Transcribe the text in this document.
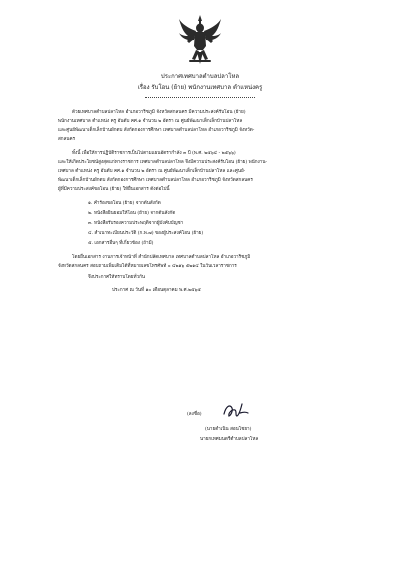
ประกาศเทศบาลตำบลปลาโหล
เรื่อง รับโอน (ย้าย) พนักงานเทศบาล ตำแหน่งครู
ด้วยเทศบาลตำบลปลาโหล อำเภอวาริชภูมิ จังหวัดสกลนคร มีความประสงค์รับโอน (ย้าย)
พนักงานเทศบาล ตำแหน่ง ครู อันดับ คศ.๑ จำนวน ๒ อัตรา ณ ศูนย์พัฒนาเด็กเล็กบ้านปลาโหล
และศูนย์พัฒนาเด็กเล็กบ้านผักตบ สังกัดกองการศึกษา เทศบาลตำบลปลาโหล อำเภอวาริชภูมิ จังหวัด-
สกลนคร
ทั้งนี้ เพื่อให้การปฏิบัติราชการเป็นไปตามแผนอัตรากำลัง ๓ ปี (พ.ศ. ๒๕๖๔ - ๒๕๖๖)
และให้เกิดประโยชน์สูงสุดแก่ทางราชการ เทศบาลตำบลปลาโหล จึงมีความประสงค์รับโอน (ย้าย) พนักงาน-
เทศบาล ตำแหน่ง ครู อันดับ คศ.๑ จำนวน ๒ อัตรา ณ ศูนย์พัฒนาเด็กเล็กบ้านปลาโหล และศูนย์-
พัฒนาเด็กเล็กบ้านผักตบ สังกัดกองการศึกษา เทศบาลตำบลปลาโหล อำเภอวาริชภูมิ จังหวัดสกลนคร
ผู้ที่มีความประสงค์ขอโอน (ย้าย) ให้ยื่นเอกสาร ดังต่อไปนี้
๑. คำร้องขอโอน (ย้าย) จากต้นสังกัด
๒. หนังสือยินยอมให้โอน (ย้าย) จากต้นสังกัด
๓. หนังสือรับรองความประพฤติจากผู้บังคับบัญชา
๔. สำเนาทะเบียนประวัติ (ก.พ.๗) ของผู้ประสงค์โอน (ย้าย)
๕. เอกสารอื่นๆ ที่เกี่ยวข้อง (ถ้ามี)
โดยยื่นเอกสาร งานการเจ้าหน้าที่ สำนักปลัดเทศบาล เทศบาลตำบลปลาโหล อำเภอวาริชภูมิ
จังหวัดสกลนคร สอบถามเพิ่มเติมได้ที่หมายเลขโทรศัพท์ ๐ ๔๒๑๖ ๕๒๑๔ ในวันเวลาราชการ
จึงประกาศให้ทราบโดยทั่วกัน
ประกาศ ณ วันที่ ๑๐ เดือนตุลาคม พ.ศ.๒๕๖๕
(ลงชื่อ)
(นายดำเนิน สอนโชยา)
นายกเทศมนตรีตำบลปลาโหล
